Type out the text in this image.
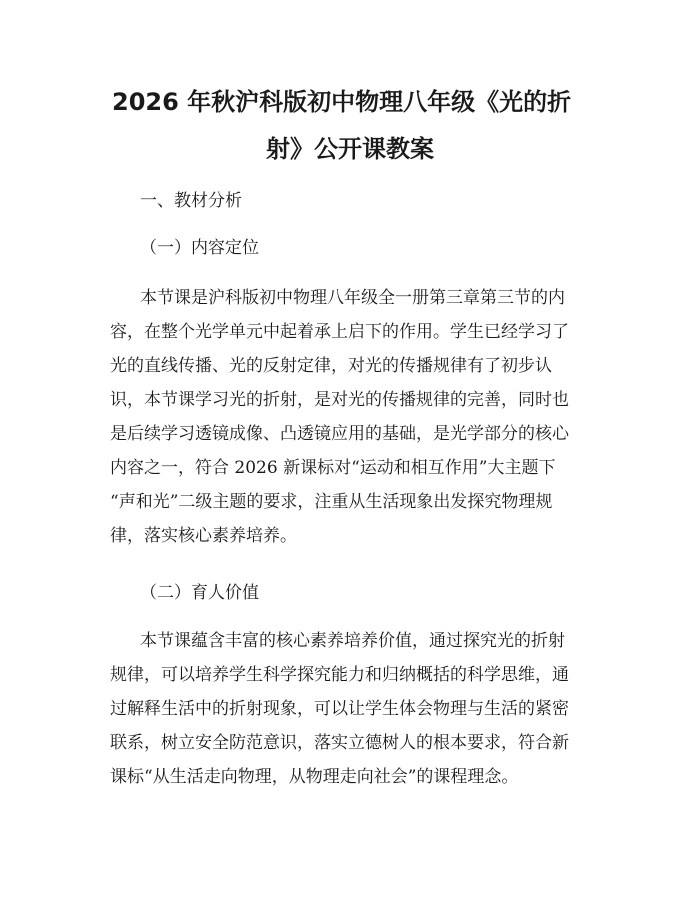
2026 年秋沪科版初中物理八年级《光的折
射》公开课教案
一、教材分析
（一）内容定位
本节课是沪科版初中物理八年级全一册第三章第三节的内
容，在整个光学单元中起着承上启下的作用。学生已经学习了
光的直线传播、光的反射定律，对光的传播规律有了初步认
识，本节课学习光的折射，是对光的传播规律的完善，同时也
是后续学习透镜成像、凸透镜应用的基础，是光学部分的核心
内容之一，符合 2026 新课标对“运动和相互作用”大主题下
“声和光”二级主题的要求，注重从生活现象出发探究物理规
律，落实核心素养培养。
（二）育人价值
本节课蕴含丰富的核心素养培养价值，通过探究光的折射
规律，可以培养学生科学探究能力和归纳概括的科学思维，通
过解释生活中的折射现象，可以让学生体会物理与生活的紧密
联系，树立安全防范意识，落实立德树人的根本要求，符合新
课标“从生活走向物理，从物理走向社会”的课程理念。
